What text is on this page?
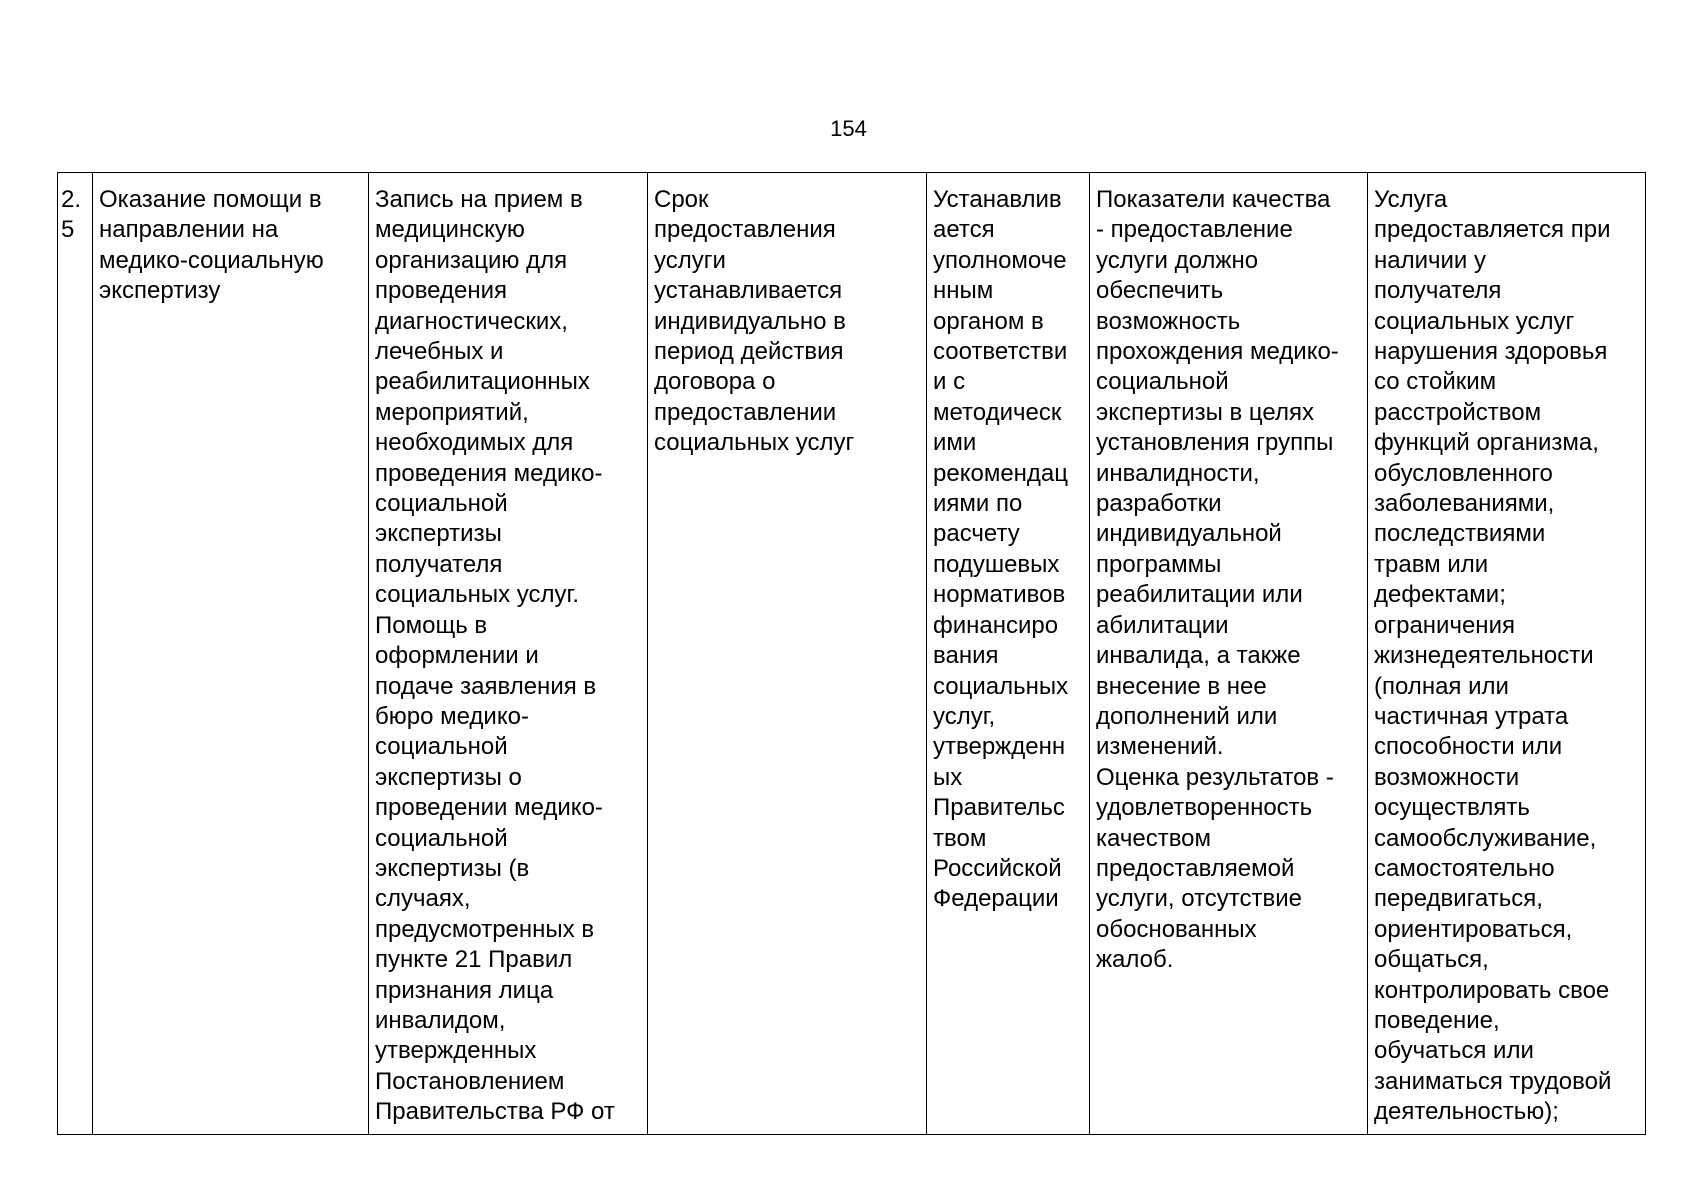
154
2.
5

Оказание помощи в
направлении на
медико-социальную
экспертизу

Запись на прием в
медицинскую
организацию для
проведения
диагностических,
лечебных и
реабилитационных
мероприятий,
необходимых для
проведения медико-
социальной
экспертизы
получателя
социальных услуг.
Помощь в
оформлении и
подаче заявления в
бюро медико-
социальной
экспертизы о
проведении медико-
социальной
экспертизы (в
случаях,
предусмотренных в
пункте 21 Правил
признания лица
инвалидом,
утвержденных
Постановлением
Правительства РФ от

Срок
предоставления
услуги
устанавливается
индивидуально в
период действия
договора о
предоставлении
социальных услуг

Устанавлив
ается
уполномоче
нным
органом в
соответстви
и с
методическ
ими
рекомендац
иями по
расчету
подушевых
нормативов
финансиро
вания
социальных
услуг,
утвержденн
ых
Правительс
твом
Российской
Федерации

Показатели качества
- предоставление
услуги должно
обеспечить
возможность
прохождения медико-
социальной
экспертизы в целях
установления группы
инвалидности,
разработки
индивидуальной
программы
реабилитации или
абилитации
инвалида, а также
внесение в нее
дополнений или
изменений.
Оценка результатов -
удовлетворенность
качеством
предоставляемой
услуги, отсутствие
обоснованных
жалоб.

Услуга
предоставляется при
наличии у
получателя
социальных услуг
нарушения здоровья
со стойким
расстройством
функций организма,
обусловленного
заболеваниями,
последствиями
травм или
дефектами;
ограничения
жизнедеятельности
(полная или
частичная утрата
способности или
возможности
осуществлять
самообслуживание,
самостоятельно
передвигаться,
ориентироваться,
общаться,
контролировать свое
поведение,
обучаться или
заниматься трудовой
деятельностью);
